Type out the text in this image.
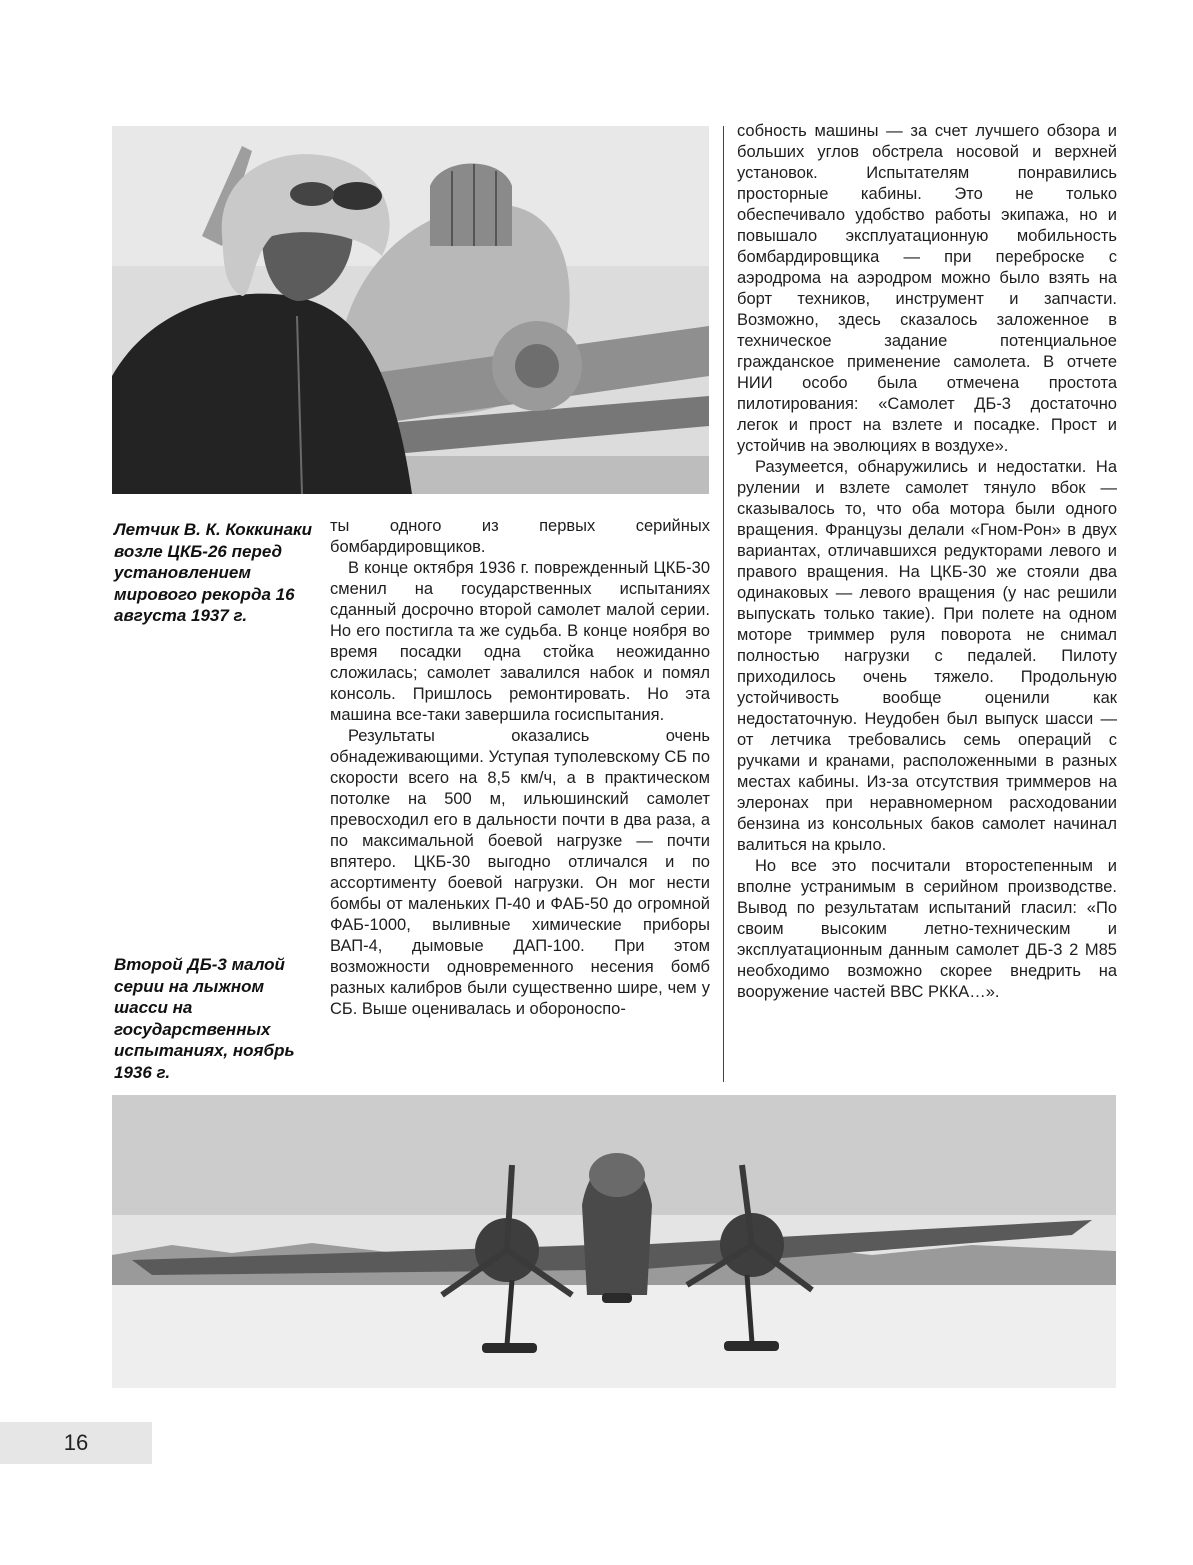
Летчик В. К. Коккинаки возле ЦКБ-26 перед установлением мирового рекорда 16 августа 1937 г.
Второй ДБ-3 малой серии на лыжном шасси на государственных испытаниях, ноябрь 1936 г.

ты одного из первых серийных бомбардировщиков.

В конце октября 1936 г. поврежденный ЦКБ-30 сменил на государственных испытаниях сданный досрочно второй самолет малой серии. Но его постигла та же судьба. В конце ноября во время посадки одна стойка неожиданно сложилась; самолет завалился набок и помял консоль. Пришлось ремонтировать. Но эта машина все-таки завершила госиспытания.

Результаты оказались очень обнадеживающими. Уступая туполевскому СБ по скорости всего на 8,5 км/ч, а в практическом потолке на 500 м, ильюшинский самолет превосходил его в дальности почти в два раза, а по максимальной боевой нагрузке — почти впятеро. ЦКБ-30 выгодно отличался и по ассортименту боевой нагрузки. Он мог нести бомбы от маленьких П-40 и ФАБ-50 до огромной ФАБ-1000, выливные химические приборы ВАП-4, дымовые ДАП-100. При этом возможности одновременного несения бомб разных калибров были существенно шире, чем у СБ. Выше оценивалась и обороноспо-

собность машины — за счет лучшего обзора и больших углов обстрела носовой и верхней установок. Испытателям понравились просторные кабины. Это не только обеспечивало удобство работы экипажа, но и повышало эксплуатационную мобильность бомбардировщика — при переброске с аэродрома на аэродром можно было взять на борт техников, инструмент и запчасти. Возможно, здесь сказалось заложенное в техническое задание потенциальное гражданское применение самолета. В отчете НИИ особо была отмечена простота пилотирования: «Самолет ДБ-3 достаточно легок и прост на взлете и посадке. Прост и устойчив на эволюциях в воздухе».

Разумеется, обнаружились и недостатки. На рулении и взлете самолет тянуло вбок — сказывалось то, что оба мотора были одного вращения. Французы делали «Гном-Рон» в двух вариантах, отличавшихся редукторами левого и правого вращения. На ЦКБ-30 же стояли два одинаковых — левого вращения (у нас решили выпускать только такие). При полете на одном моторе триммер руля поворота не снимал полностью нагрузки с педалей. Пилоту приходилось очень тяжело. Продольную устойчивость вообще оценили как недостаточную. Неудобен был выпуск шасси — от летчика требовались семь операций с ручками и кранами, расположенными в разных местах кабины. Из-за отсутствия триммеров на элеронах при неравномерном расходовании бензина из консольных баков самолет начинал валиться на крыло.

Но все это посчитали второстепенным и вполне устранимым в серийном производстве. Вывод по результатам испытаний гласил: «По своим высоким летно-техническим и эксплуатационным данным самолет ДБ-3 2 М85 необходимо возможно скорее внедрить на вооружение частей ВВС РККА…».

16
